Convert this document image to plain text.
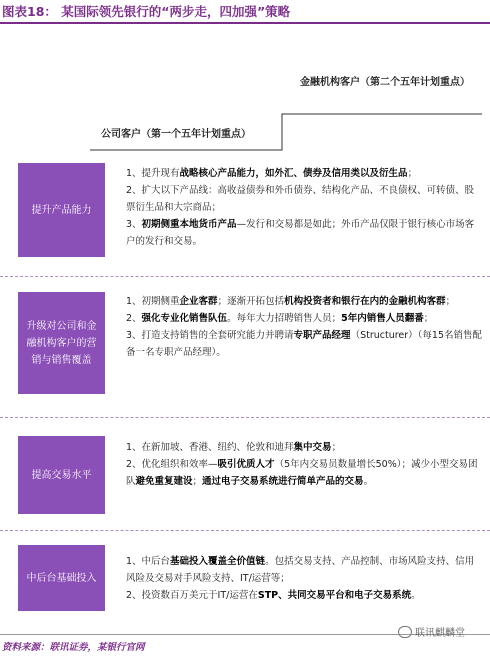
图表18： 某国际领先银行的“两步走，四加强”策略
金融机构客户（第二个五年计划重点）
公司客户（第一个五年计划重点）
提升产品能力

1、提升现有战略核心产品能力，如外汇、债券及信用类以及衍生品；

2、扩大以下产品线：高收益债券和外币债券、结构化产品、不良债权、可转债、股票衍生品和大宗商品；

3、初期侧重本地货币产品—发行和交易都是如此；外币产品仅限于银行核心市场客户的发行和交易。

升级对公司和金融机构客户的营销与销售覆盖

1、初期侧重企业客群；逐渐开拓包括机构投资者和银行在内的金融机构客群；

2、强化专业化销售队伍。每年大力招聘销售人员；5年内销售人员翻番；

3、打造支持销售的全套研究能力并聘请专职产品经理（Structurer）（每15名销售配备一名专职产品经理）。

提高交易水平

1、在新加坡、香港、纽约、伦敦和迪拜集中交易；

2、优化组织和效率—吸引优质人才（5年内交易员数量增长50%）；减少小型交易团队避免重复建设；通过电子交易系统进行简单产品的交易。

中后台基础投入

1、中后台基础投入覆盖全价值链。包括交易支持、产品控制、市场风险支持、信用风险及交易对手风险支持、IT/运营等；

2、投资数百万美元于IT/运营在STP、共同交易平台和电子交易系统。

资料来源：联讯证券，某银行官网
联讯麒麟堂
